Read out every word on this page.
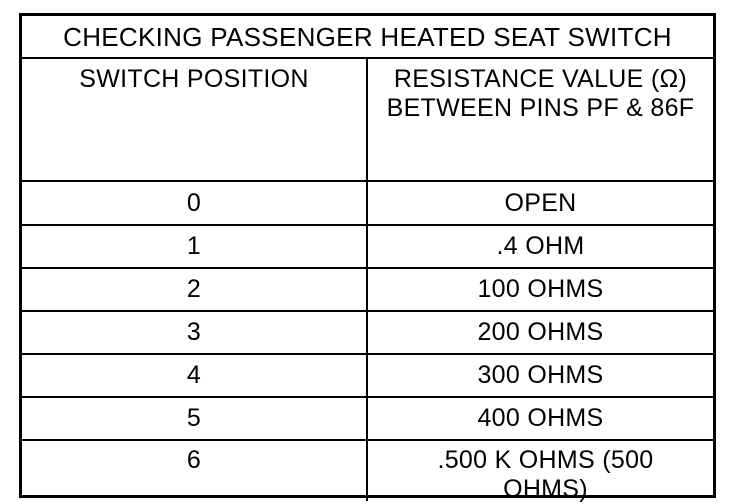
CHECKING PASSENGER HEATED SEAT SWITCH
SWITCH POSITION	RESISTANCE VALUE (Ω) BETWEEN PINS PF & 86F
0	OPEN
1	.4 OHM
2	100 OHMS
3	200 OHMS
4	300 OHMS
5	400 OHMS
6	.500 K OHMS (500 OHMS)
